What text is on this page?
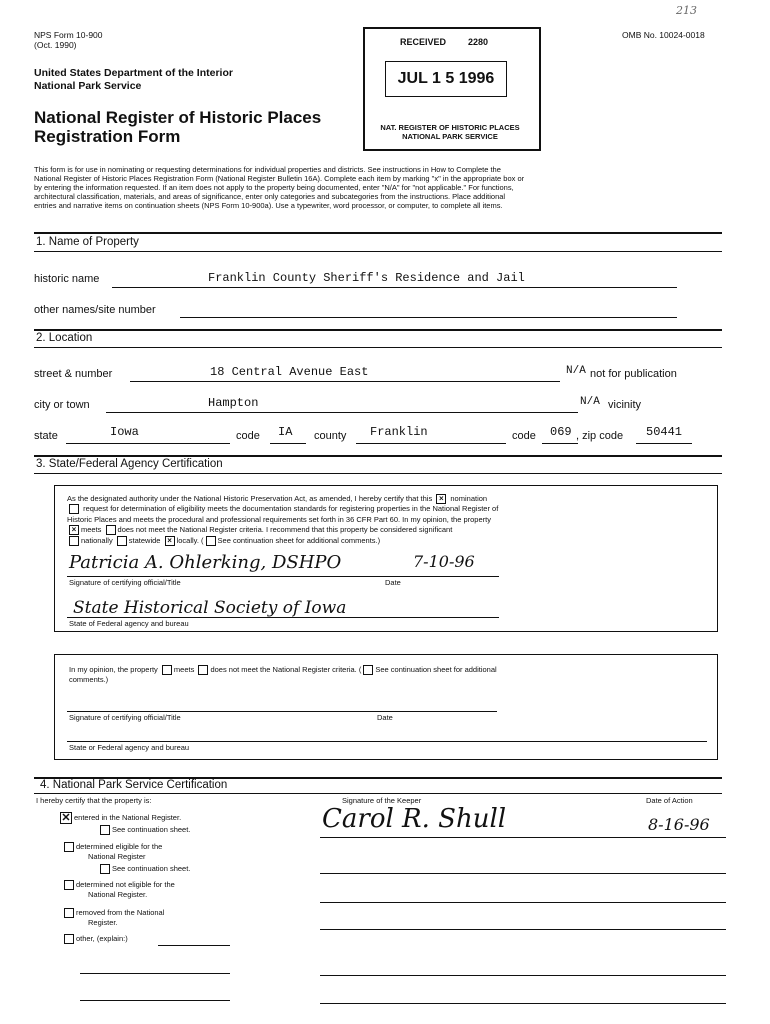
NPS Form 10-900
(Oct. 1990)
OMB No. 10024-0018
213
United States Department of the Interior
National Park Service
National Register of Historic Places
Registration Form
RECEIVED 2280
JUL 1 5 1996
NAT. REGISTER OF HISTORIC PLACES
NATIONAL PARK SERVICE
This form is for use in nominating or requesting determinations for individual properties and districts. See instructions in How to Complete the
National Register of Historic Places Registration Form (National Register Bulletin 16A). Complete each item by marking "x" in the appropriate box or
by entering the information requested. If an item does not apply to the property being documented, enter "N/A" for "not applicable." For functions,
architectural classification, materials, and areas of significance, enter only categories and subcategories from the instructions. Place additional
entries and narrative items on continuation sheets (NPS Form 10-900a). Use a typewriter, word processor, or computer, to complete all items.
1. Name of Property
historic name	Franklin County Sheriff's Residence and Jail
other names/site number
2. Location
street & number	18 Central Avenue East	N/A not for publication
city or town	Hampton	N/A vicinity
state	Iowa	code IA county Franklin	code 069 , zip code 50441
3. State/Federal Agency Certification
As the designated authority under the National Historic Preservation Act, as amended, I hereby certify that this × nomination
request for determination of eligibility meets the documentation standards for registering properties in the National Register of
Historic Places and meets the procedural and professional requirements set forth in 36 CFR Part 60. In my opinion, the property
× meets does not meet the National Register criteria. I recommend that this property be considered significant
nationally statewide × locally. ( See continuation sheet for additional comments.)
Patricia A. Ohlerking, DSHPO	7-10-96
Signature of certifying official/Title	Date
State Historical Society of Iowa
State of Federal agency and bureau
In my opinion, the property meets does not meet the National Register criteria. ( See continuation sheet for additional
comments.)
Signature of certifying official/Title	Date
State or Federal agency and bureau
4. National Park Service Certification
I hereby certify that the property is:	Signature of the Keeper	Date of Action
✕ entered in the National Register.
See continuation sheet.
determined eligible for the
National Register
See continuation sheet.
determined not eligible for the
National Register.
removed from the National
Register.
other, (explain:)
Carol R. Shull	8-16-96
